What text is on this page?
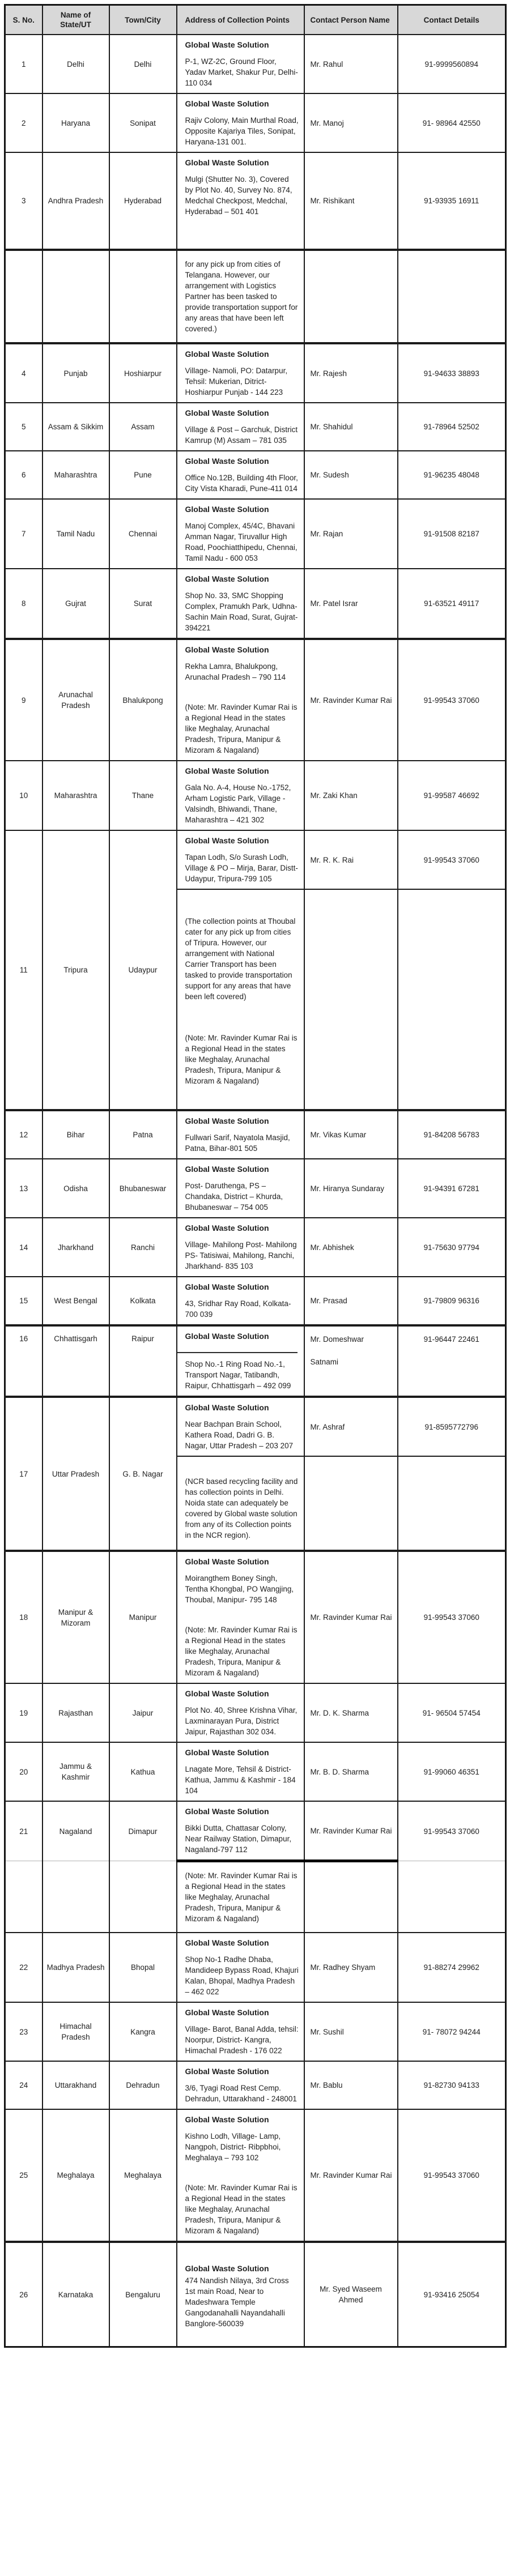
S. No.	Name of State/UT	Town/City	Address of Collection Points	Contact Person Name	Contact Details
1	Delhi	Delhi	Global Waste Solution

P-1, WZ-2C, Ground Floor, Yadav Market, Shakur Pur, Delhi-110 034	Mr. Rahul	91-9999560894
2	Haryana	Sonipat	Global Waste Solution

Rajiv Colony, Main Murthal Road, Opposite Kajariya Tiles, Sonipat, Haryana-131 001.	Mr. Manoj	91- 98964 42550
3	Andhra Pradesh	Hyderabad	Global Waste Solution

Mulgi (Shutter No. 3), Covered by Plot No. 40, Survey No. 874, Medchal Checkpost, Medchal, Hyderabad – 501 401	Mr. Rishikant	91-93935 16911

			for any pick up from cities of Telangana. However, our arrangement with Logistics Partner has been tasked to provide transportation support for any areas that have been left covered.)		

4	Punjab	Hoshiarpur	Global Waste Solution

Village- Namoli, PO: Datarpur, Tehsil: Mukerian, Ditrict- Hoshiarpur Punjab - 144 223	Mr. Rajesh	91-94633 38893
5	Assam & Sikkim	Assam	Global Waste Solution

Village & Post – Garchuk, District Kamrup (M) Assam – 781 035	Mr. Shahidul	91-78964 52502
6	Maharashtra	Pune	Global Waste Solution

Office No.12B, Building 4th Floor, City Vista Kharadi, Pune-411 014	Mr. Sudesh	91-96235 48048
7	Tamil Nadu	Chennai	Global Waste Solution

Manoj Complex, 45/4C, Bhavani Amman Nagar, Tiruvallur High Road, Poochiatthipedu, Chennai, Tamil Nadu - 600 053	Mr. Rajan	91-91508 82187
8	Gujrat	Surat	Global Waste Solution

Shop No. 33, SMC Shopping Complex, Pramukh Park, Udhna-Sachin Main Road, Surat, Gujrat-394221	Mr. Patel Israr	91-63521 49117
9	Arunachal Pradesh	Bhalukpong	Global Waste Solution

Rekha Lamra, Bhalukpong, Arunachal Pradesh – 790 114

(Note: Mr. Ravinder Kumar Rai is a Regional Head in the states like Meghalay, Arunachal Pradesh, Tripura, Manipur & Mizoram & Nagaland)	Mr. Ravinder Kumar Rai	91-99543 37060
10	Maharashtra	Thane	Global Waste Solution

Gala No. A-4, House No.-1752, Arham Logistic Park, Village - Valsindh, Bhiwandi, Thane, Maharashtra – 421 302	Mr. Zaki Khan	91-99587 46692
11	Tripura	Udaypur	Global Waste Solution

Tapan Lodh, S/o Surash Lodh, Village & PO – Mirja, Barar, Distt-Udaypur, Tripura-799 105	Mr. R. K. Rai	91-99543 37060

			(The collection points at Thoubal cater for any pick up from cities of Tripura. However, our arrangement with National Carrier Transport has been tasked to provide transportation support for any areas that have been left covered)

(Note: Mr. Ravinder Kumar Rai is a Regional Head in the states like Meghalay, Arunachal Pradesh, Tripura, Manipur & Mizoram & Nagaland)		

12	Bihar	Patna	Global Waste Solution

Fullwari Sarif, Nayatola Masjid, Patna, Bihar-801 505	Mr. Vikas Kumar	91-84208 56783
13	Odisha	Bhubaneswar	Global Waste Solution

Post- Daruthenga, PS – Chandaka, District – Khurda, Bhubaneswar – 754 005	Mr. Hiranya Sundaray	91-94391 67281
14	Jharkhand	Ranchi	Global Waste Solution

Village- Mahilong Post- Mahilong PS- Tatisiwai, Mahilong, Ranchi, Jharkhand- 835 103	Mr. Abhishek	91-75630 97794
15	West Bengal	Kolkata	Global Waste Solution

43, Sridhar Ray Road, Kolkata- 700 039	Mr. Prasad	91-79809 96316
16	Chhattisgarh	Raipur	Global Waste Solution	Mr. Domeshwar	91-96447 22461

			Shop No.-1 Ring Road No.-1, Transport Nagar, Tatibandh, Raipur, Chhattisgarh – 492 099	Satnami	
17	Uttar Pradesh	G. B. Nagar	Global Waste Solution

Near Bachpan Brain School, Kathera Road, Dadri G. B. Nagar, Uttar Pradesh – 203 207	Mr. Ashraf	91-8595772796

			(NCR based recycling facility and has collection points in Delhi. Noida state can adequately be covered by Global waste solution from any of its Collection points in the NCR region).		

18	Manipur & Mizoram	Manipur	Global Waste Solution

Moirangthem Boney Singh, Tentha Khongbal, PO Wangjing, Thoubal, Manipur- 795 148

(Note: Mr. Ravinder Kumar Rai is a Regional Head in the states like Meghalay, Arunachal Pradesh, Tripura, Manipur & Mizoram & Nagaland)	Mr. Ravinder Kumar Rai	91-99543 37060
19	Rajasthan	Jaipur	Global Waste Solution

Plot No. 40, Shree Krishna Vihar, Laxminarayan Pura, District Jaipur, Rajasthan 302 034.	Mr. D. K. Sharma	91- 96504 57454
20	Jammu & Kashmir	Kathua	Global Waste Solution

Lnagate More, Tehsil & District-Kathua, Jammu & Kashmir - 184 104	Mr. B. D. Sharma	91-99060 46351
21	Nagaland	Dimapur	Global Waste Solution

Bikki Dutta, Chattasar Colony, Near Railway Station, Dimapur, Nagaland-797 112	Mr. Ravinder Kumar Rai	91-99543 37060

			(Note: Mr. Ravinder Kumar Rai is a Regional Head in the states like Meghalay, Arunachal Pradesh, Tripura, Manipur & Mizoram & Nagaland)		

22	Madhya Pradesh	Bhopal	Global Waste Solution

Shop No-1 Radhe Dhaba, Mandideep Bypass Road, Khajuri Kalan, Bhopal, Madhya Pradesh – 462 022	Mr. Radhey Shyam	91-88274 29962
23	Himachal Pradesh	Kangra	Global Waste Solution

Village- Barot, Banal Adda, tehsil: Noorpur, District- Kangra, Himachal Pradesh - 176 022	Mr. Sushil	91- 78072 94244
24	Uttarakhand	Dehradun	Global Waste Solution

3/6, Tyagi Road Rest Cemp. Dehradun, Uttarakhand - 248001	Mr. Bablu	91-82730 94133
25	Meghalaya	Meghalaya	Global Waste Solution

Kishno Lodh, Village- Lamp, Nangpoh, District- Ribpbhoi, Meghalaya – 793 102

(Note: Mr. Ravinder Kumar Rai is a Regional Head in the states like Meghalay, Arunachal Pradesh, Tripura, Manipur & Mizoram & Nagaland)	Mr. Ravinder Kumar Rai	91-99543 37060
26	Karnataka	Bengaluru	Global Waste Solution

474 Nandish Nilaya, 3rd Cross 1st main Road, Near to Madeshwara Temple Gangodanahalli Nayandahalli Banglore-560039	Mr. Syed Waseem Ahmed	91-93416 25054
